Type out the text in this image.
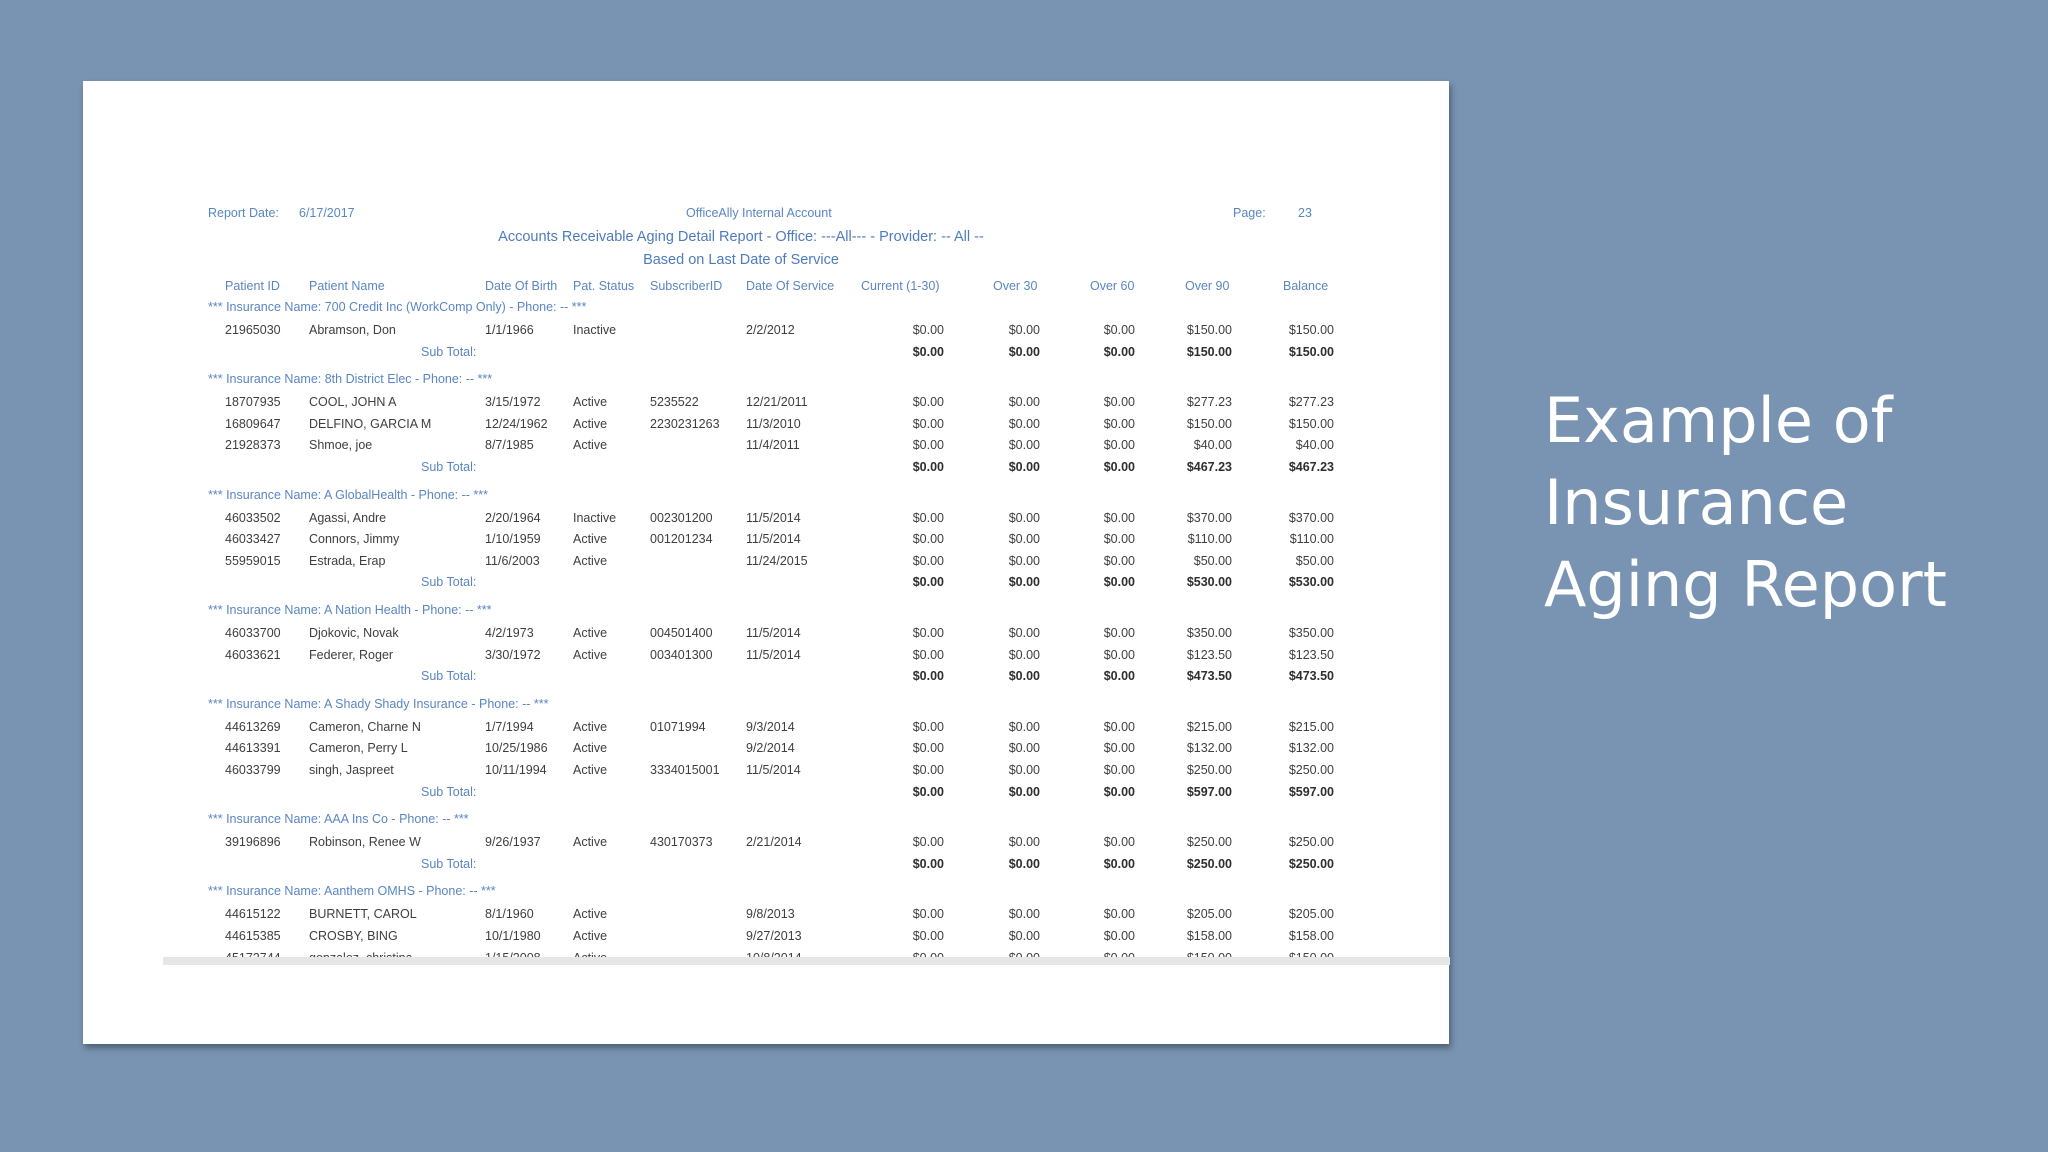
Report Date: 6/17/2017	OfficeAlly Internal Account	Page:	23
Accounts Receivable Aging Detail Report - Office: ---All--- - Provider: -- All --
Based on Last Date of Service
Patient ID Patient Name	Date Of Birth Pat. Status SubscriberID Date Of Service Current (1-30)	Over 30	Over 60	Over 90	Balance
*** Insurance Name: 700 Credit Inc (WorkComp Only) - Phone: -- ***
21965030 Abramson, Don	1/1/1966	Inactive	2/2/2012	$0.00	$0.00	$0.00	$150.00	$150.00
Sub Total:	$0.00	$0.00	$0.00	$150.00	$150.00
*** Insurance Name: 8th District Elec - Phone: -- ***
18707935 COOL, JOHN A	3/15/1972	Active	5235522	12/21/2011	$0.00	$0.00	$0.00	$277.23	$277.23
16809647 DELFINO, GARCIA M	12/24/1962 Active	2230231263 11/3/2010	$0.00	$0.00	$0.00	$150.00	$150.00
21928373 Shmoe, joe	8/7/1985	Active	11/4/2011	$0.00	$0.00	$0.00	$40.00	$40.00
Sub Total:	$0.00	$0.00	$0.00	$467.23	$467.23
*** Insurance Name: A GlobalHealth - Phone: -- ***
46033502 Agassi, Andre	2/20/1964	Inactive	002301200	11/5/2014	$0.00	$0.00	$0.00	$370.00	$370.00
46033427 Connors, Jimmy	1/10/1959	Active	001201234	11/5/2014	$0.00	$0.00	$0.00	$110.00	$110.00
55959015 Estrada, Erap	11/6/2003	Active	11/24/2015	$0.00	$0.00	$0.00	$50.00	$50.00
Sub Total:	$0.00	$0.00	$0.00	$530.00	$530.00
*** Insurance Name: A Nation Health - Phone: -- ***
46033700 Djokovic, Novak	4/2/1973	Active	004501400	11/5/2014	$0.00	$0.00	$0.00	$350.00	$350.00
46033621 Federer, Roger	3/30/1972	Active	003401300	11/5/2014	$0.00	$0.00	$0.00	$123.50	$123.50
Sub Total:	$0.00	$0.00	$0.00	$473.50	$473.50
*** Insurance Name: A Shady Shady Insurance - Phone: -- ***
44613269 Cameron, Charne N	1/7/1994	Active	01071994	9/3/2014	$0.00	$0.00	$0.00	$215.00	$215.00
44613391 Cameron, Perry L	10/25/1986 Active	9/2/2014	$0.00	$0.00	$0.00	$132.00	$132.00
46033799 singh, Jaspreet	10/11/1994 Active	3334015001 11/5/2014	$0.00	$0.00	$0.00	$250.00	$250.00
Sub Total:	$0.00	$0.00	$0.00	$597.00	$597.00
*** Insurance Name: AAA Ins Co - Phone: -- ***
39196896 Robinson, Renee W	9/26/1937	Active	430170373	2/21/2014	$0.00	$0.00	$0.00	$250.00	$250.00
Sub Total:	$0.00	$0.00	$0.00	$250.00	$250.00
*** Insurance Name: Aanthem OMHS - Phone: -- ***
44615122 BURNETT, CAROL	8/1/1960	Active	9/8/2013	$0.00	$0.00	$0.00	$205.00	$205.00
44615385 CROSBY, BING	10/1/1980	Active	9/27/2013	$0.00	$0.00	$0.00	$158.00	$158.00
Example of
Insurance
Aging Report
